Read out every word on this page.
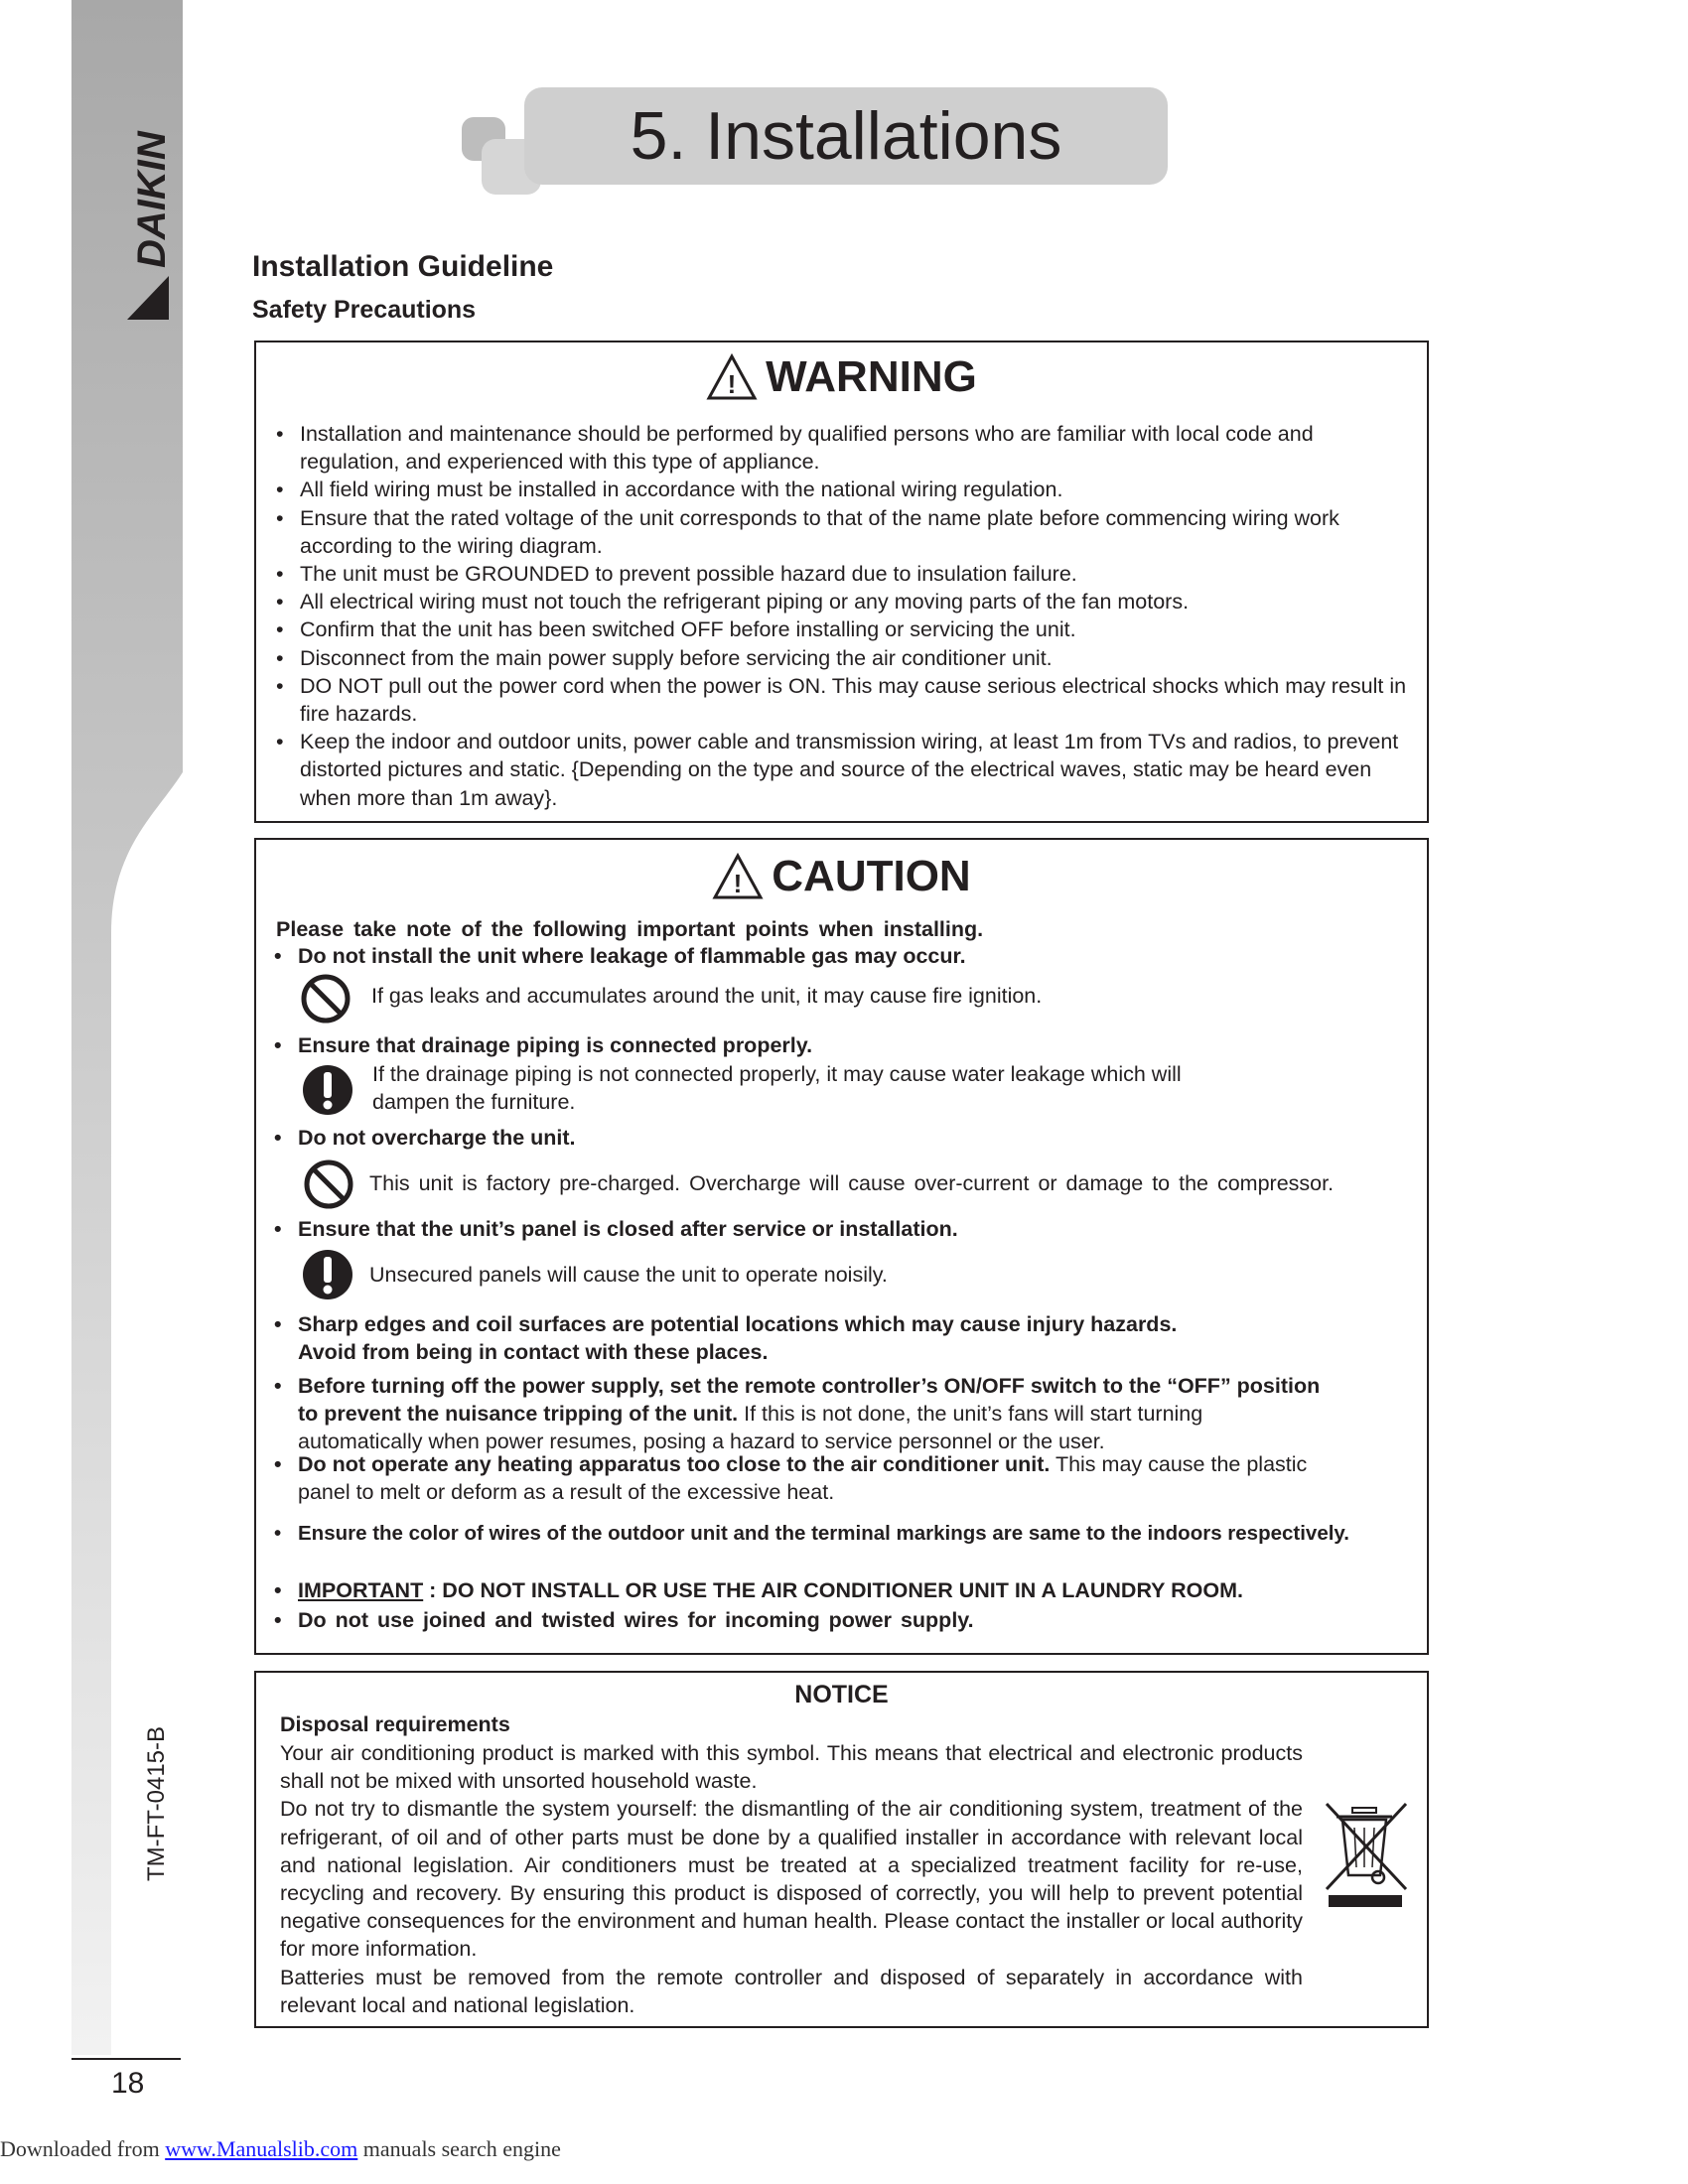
DAIKIN
TM-FT-0415-B
18
5. Installations
Installation Guideline
Safety Precautions
! WARNING
• Installation and maintenance should be performed by qualified persons who are familiar with local code and regulation, and experienced with this type of appliance.
• All field wiring must be installed in accordance with the national wiring regulation.
• Ensure that the rated voltage of the unit corresponds to that of the name plate before commencing wiring work according to the wiring diagram.
• The unit must be GROUNDED to prevent possible hazard due to insulation failure.
• All electrical wiring must not touch the refrigerant piping or any moving parts of the fan motors.
• Confirm that the unit has been switched OFF before installing or servicing the unit.
• Disconnect from the main power supply before servicing the air conditioner unit.
• DO NOT pull out the power cord when the power is ON. This may cause serious electrical shocks which may result in fire hazards.
• Keep the indoor and outdoor units, power cable and transmission wiring, at least 1m from TVs and radios, to prevent distorted pictures and static. {Depending on the type and source of the electrical waves, static may be heard even when more than 1m away}.
! CAUTION
Please take note of the following important points when installing.
• Do not install the unit where leakage of flammable gas may occur.
If gas leaks and accumulates around the unit, it may cause fire ignition.
• Ensure that drainage piping is connected properly.
If the drainage piping is not connected properly, it may cause water leakage which will
dampen the furniture.
• Do not overcharge the unit.
This unit is factory pre-charged. Overcharge will cause over-current or damage to the compressor.
• Ensure that the unit’s panel is closed after service or installation.
Unsecured panels will cause the unit to operate noisily.
• Sharp edges and coil surfaces are potential locations which may cause injury hazards.
Avoid from being in contact with these places.
• Before turning off the power supply, set the remote controller’s ON/OFF switch to the “OFF” position
to prevent the nuisance tripping of the unit. If this is not done, the unit’s fans will start turning
automatically when power resumes, posing a hazard to service personnel or the user.
• Do not operate any heating apparatus too close to the air conditioner unit. This may cause the plastic
panel to melt or deform as a result of the excessive heat.
• Ensure the color of wires of the outdoor unit and the terminal markings are same to the indoors respectively.
• IMPORTANT : DO NOT INSTALL OR USE THE AIR CONDITIONER UNIT IN A LAUNDRY ROOM.
• Do not use joined and twisted wires for incoming power supply.
NOTICE
Disposal requirements

Your air conditioning product is marked with this symbol. This means that electrical and electronic products shall not be mixed with unsorted household waste.

Do not try to dismantle the system yourself: the dismantling of the air conditioning system, treatment of the refrigerant, of oil and of other parts must be done by a qualified installer in accordance with relevant local and national legislation. Air conditioners must be treated at a specialized treatment facility for re-use, recycling and recovery. By ensuring this product is disposed of correctly, you will help to prevent potential negative consequences for the environment and human health. Please contact the installer or local authority for more information.

Batteries must be removed from the remote controller and disposed of separately in accordance with relevant local and national legislation.

Downloaded from www.Manualslib.com manuals search engine
